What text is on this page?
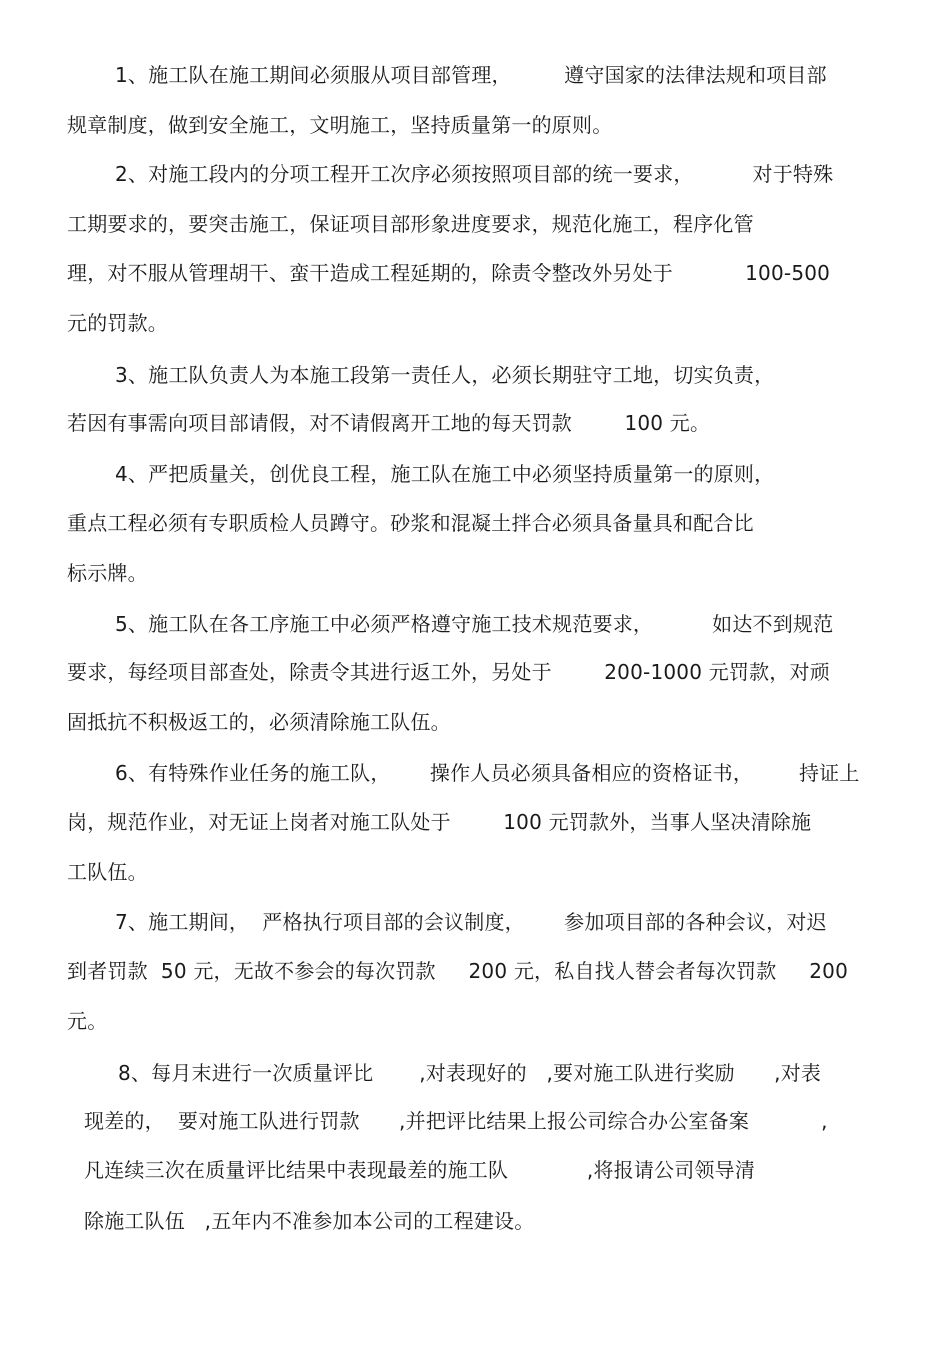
1、施工队在施工期间必须服从项目部管理，        遵守国家的法律法规和项目部
规章制度，做到安全施工，文明施工，坚持质量第一的原则。
2、对施工段内的分项工程开工次序必须按照项目部的统一要求，         对于特殊
工期要求的，要突击施工，保证项目部形象进度要求，规范化施工，程序化管
理，对不服从管理胡干、蛮干造成工程延期的，除责令整改外另处于           100-500
元的罚款。
3、施工队负责人为本施工段第一责任人，必须长期驻守工地，切实负责，
若因有事需向项目部请假，对不请假离开工地的每天罚款        100 元。
4、严把质量关，创优良工程，施工队在施工中必须坚持质量第一的原则，
重点工程必须有专职质检人员蹲守。砂浆和混凝土拌合必须具备量具和配合比
标示牌。
5、施工队在各工序施工中必须严格遵守施工技术规范要求，         如达不到规范
要求，每经项目部查处，除责令其进行返工外，另处于        200-1000 元罚款，对顽
固抵抗不积极返工的，必须清除施工队伍。
6、有特殊作业任务的施工队，      操作人员必须具备相应的资格证书，       持证上
岗，规范作业，对无证上岗者对施工队处于        100 元罚款外，当事人坚决清除施
工队伍。
7、施工期间，  严格执行项目部的会议制度，      参加项目部的各种会议，对迟
到者罚款  50 元，无故不参会的每次罚款     200 元，私自找人替会者每次罚款     200
元。
8、每月末进行一次质量评比       ,对表现好的   ,要对施工队进行奖励      ,对表
现差的，  要对施工队进行罚款      ,并把评比结果上报公司综合办公室备案           ,
凡连续三次在质量评比结果中表现最差的施工队            ,将报请公司领导清
除施工队伍   ,五年内不准参加本公司的工程建设。
